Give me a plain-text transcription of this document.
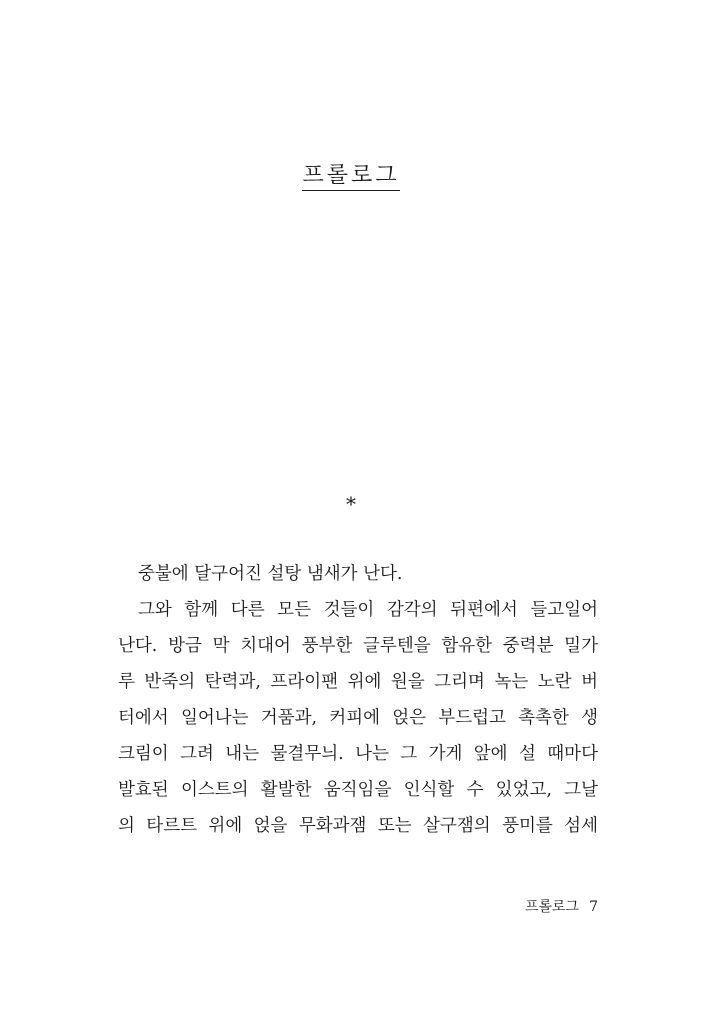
프롤로그

*

중불에 달구어진 설탕 냄새가 난다.

그와 함께 다른 모든 것들이 감각의 뒤편에서 들고일어

난다. 방금 막 치대어 풍부한 글루텐을 함유한 중력분 밀가

루 반죽의 탄력과, 프라이팬 위에 원을 그리며 녹는 노란 버

터에서 일어나는 거품과, 커피에 얹은 부드럽고 촉촉한 생

크림이 그려 내는 물결무늬. 나는 그 가게 앞에 설 때마다

발효된 이스트의 활발한 움직임을 인식할 수 있었고, 그날

의 타르트 위에 얹을 무화과잼 또는 살구잼의 풍미를 섬세

프롤로그 7
